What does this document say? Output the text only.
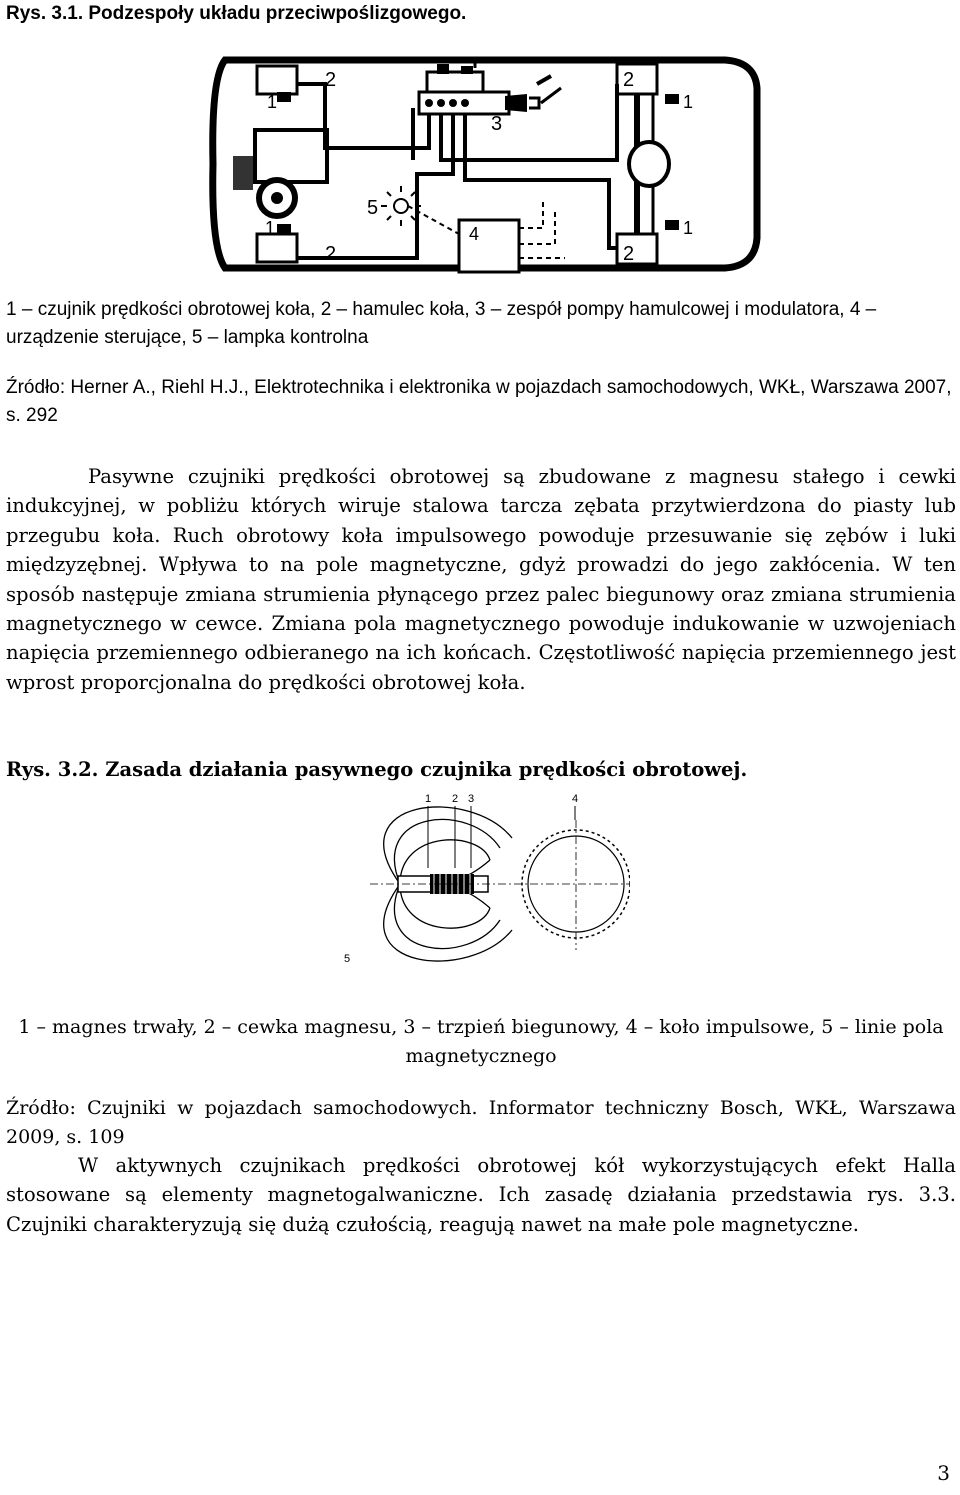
Rys. 3.1. Podzespoły układu przeciwpoślizgowego.
2
2
1
1
2
2
1
1
3
4
5
1 – czujnik prędkości obrotowej koła, 2 – hamulec koła, 3 – zespół pompy hamulcowej i modulatora, 4 – urządzenie sterujące, 5 – lampka kontrolna
Źródło: Herner A., Riehl H.J., Elektrotechnika i elektronika w pojazdach samochodowych, WKŁ, Warszawa 2007, s. 292

Pasywne czujniki prędkości obrotowej są zbudowane z magnesu stałego i cewki indukcyjnej, w pobliżu których wiruje stalowa tarcza zębata przytwierdzona do piasty lub przegubu koła. Ruch obrotowy koła impulsowego powoduje przesuwanie się zębów i luki międzyzębnej. Wpływa to na pole magnetyczne, gdyż prowadzi do jego zakłócenia. W ten sposób następuje zmiana strumienia płynącego przez palec biegunowy oraz zmiana strumienia magnetycznego w cewce. Zmiana pola magnetycznego powoduje indukowanie w uzwojeniach napięcia przemiennego odbieranego na ich końcach. Częstotliwość napięcia przemiennego jest wprost proporcjonalna do prędkości obrotowej koła.

Rys. 3.2. Zasada działania pasywnego czujnika prędkości obrotowej.
1 2 3	4
5
1 – magnes trwały, 2 – cewka magnesu, 3 – trzpień biegunowy, 4 – koło impulsowe, 5 – linie pola magnetycznego
Źródło: Czujniki w pojazdach samochodowych. Informator techniczny Bosch, WKŁ, Warszawa 2009, s. 109

W aktywnych czujnikach prędkości obrotowej kół wykorzystujących efekt Halla stosowane są elementy magnetogalwaniczne. Ich zasadę działania przedstawia rys. 3.3. Czujniki charakteryzują się dużą czułością, reagują nawet na małe pole magnetyczne.

3
